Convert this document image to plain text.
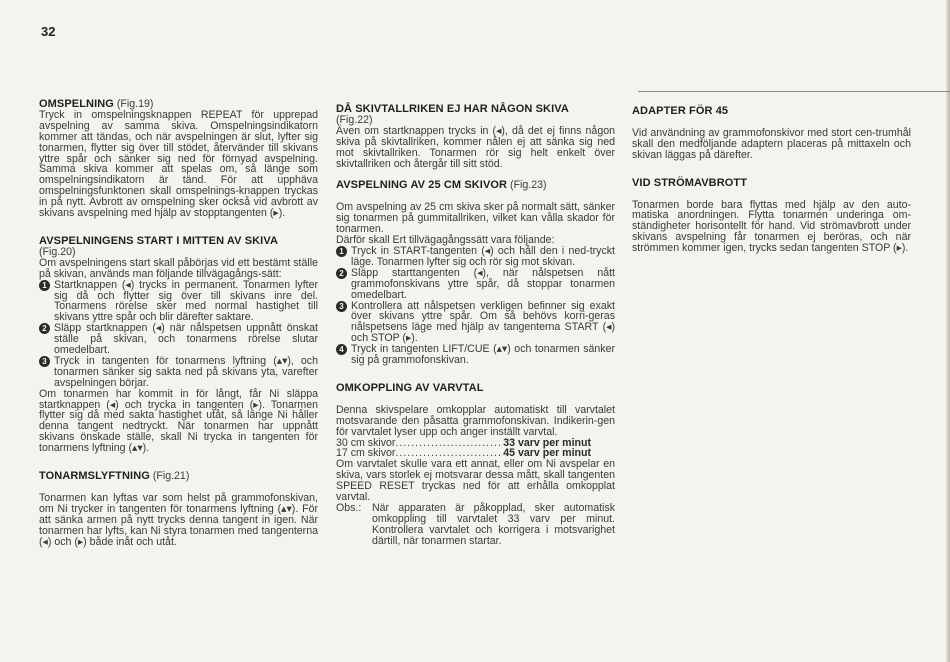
32

OMSPELNING (Fig.19)

Tryck in omspelningsknappen REPEAT för upprepad avspelning av samma skiva. Omspelningsindikatorn kommer att tändas, och när avspelningen är slut, lyfter sig tonarmen, flytter sig över till stödet, återvänder till skivans yttre spår och sänker sig ned för förnyad avspelning. Samma skiva kommer att spelas om, så länge som omspelningsindikatorn är tänd. För att upphäva omspelningsfunktonen skall omspelnings-knappen tryckas in på nytt. Avbrott av omspelning sker också vid avbrott av skivans avspelning med hjälp av stopptangenten (▸).

AVSPELNINGENS START I MITTEN AV SKIVA

(Fig.20)

Om avspelningens start skall påbörjas vid ett bestämt ställe på skivan, används man följande tillvägagångs-sätt:

1 Startknappen (◂) trycks in permanent. Tonarmen lyfter sig då och flytter sig över till skivans inre del. Tonarmens rörelse sker med normal hastighet till skivans yttre spår och blir därefter saktare.

2 Släpp startknappen (◂) när nålspetsen uppnått önskat ställe på skivan, och tonarmens rörelse slutar omedelbart.

3 Tryck in tangenten för tonarmens lyftning (▴▾), och tonarmen sänker sig sakta ned på skivans yta, varefter avspelningen börjar.

Om tonarmen har kommit in för långt, får Ni släppa startknappen (◂) och trycka in tangenten (▸). Tonarmen flytter sig då med sakta hastighet utåt, så länge Ni håller denna tangent nedtryckt. När tonarmen har uppnått skivans önskade ställe, skall Ni trycka in tangenten för tonarmens lyftning (▴▾).

TONARMSLYFTNING (Fig.21)

Tonarmen kan lyftas var som helst på grammofonskivan, om Ni trycker in tangenten för tonarmens lyftning (▴▾). För att sänka armen på nytt trycks denna tangent in igen. När tonarmen har lyfts, kan Ni styra tonarmen med tangenterna (◂) och (▸) både inåt och utåt.

DÅ SKIVTALLRIKEN EJ HAR NÅGON SKIVA

(Fig.22)

Även om startknappen trycks in (◂), då det ej finns någon skiva på skivtallriken, kommer nålen ej att sänka sig ned mot skivtallriken. Tonarmen rör sig helt enkelt över skivtallriken och återgår till sitt stöd.

AVSPELNING AV 25 CM SKIVOR (Fig.23)

Om avspelning av 25 cm skiva sker på normalt sätt, sänker sig tonarmen på gummitallriken, vilket kan vålla skador för tonarmen.

Därför skall Ert tillvägagångssätt vara följande:

1 Tryck in START-tangenten (◂) och håll den i ned-tryckt läge. Tonarmen lyfter sig och rör sig mot skivan.

2 Släpp starttangenten (◂), när nålspetsen nått grammofonskivans yttre spår, då stoppar tonarmen omedelbart.

3 Kontrollera att nålspetsen verkligen befinner sig exakt över skivans yttre spår. Om så behövs korri-geras nålspetsens läge med hjälp av tangenterna START (◂) och STOP (▸).

4 Tryck in tangenten LIFT/CUE (▴▾) och tonarmen sänker sig på grammofonskivan.

OMKOPPLING AV VARVTAL

Denna skivspelare omkopplar automatiskt till varvtalet motsvarande den påsatta grammofonskivan. Indikerin-gen för varvtalet lyser upp och anger inställt varvtal.

30 cm skivor .....	33 varv per minut
17 cm skivor .....	45 varv per minut

Om varvtalet skulle vara ett annat, eller om Ni avspelar en skiva, vars storlek ej motsvarar dessa mått, skall tangenten SPEED RESET tryckas ned för att erhålla omkopplat varvtal.

Obs.:	När apparaten är påkopplad, sker automatisk omkoppling till varvtalet 33 varv per minut. Kontrollera varvtalet och korrigera i motsvarighet därtill, när tonarmen startar.

ADAPTER FÖR 45

Vid användning av grammofonskivor med stort cen-trumhål skall den medföljande adaptern placeras på mittaxeln och skivan läggas på därefter.

VID STRÖMAVBROTT

Tonarmen borde bara flyttas med hjälp av den auto-matiska anordningen. Flytta tonarmen underinga om-ständigheter horisontellt för hand. Vid strömavbrott under skivans avspelning får tonarmen ej beröras, och när strömmen kommer igen, trycks sedan tangenten STOP (▸).
